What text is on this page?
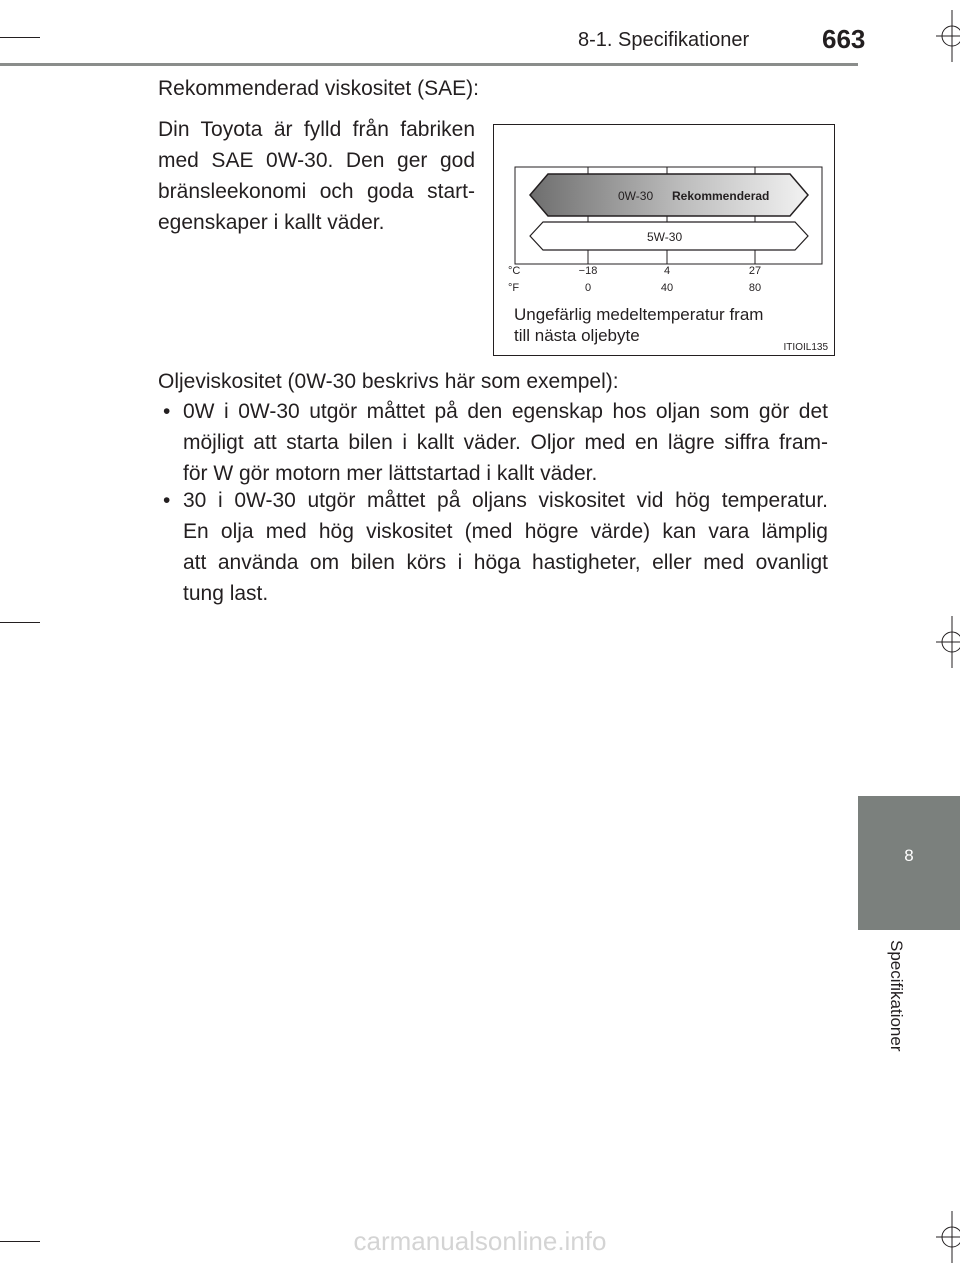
8-1. Specifikationer	663
8
Specifikationer
Rekommenderad viskositet (SAE):
Din Toyota är fylld från fabriken
med SAE 0W-30. Den ger god
bränsleekonomi och goda start-
egenskaper i kallt väder.
0W-30 Rekommenderad
5W-30
°C
°F
−18	4	27
0	40	80
Ungefärlig medeltemperatur fram
till nästa oljebyte
ITIOIL135
Oljeviskositet (0W-30 beskrivs här som exempel):
• 0W i 0W-30 utgör måttet på den egenskap hos oljan som gör det
möjligt att starta bilen i kallt väder. Oljor med en lägre siffra fram-
för W gör motorn mer lättstartad i kallt väder.
• 30 i 0W-30 utgör måttet på oljans viskositet vid hög temperatur.
En olja med hög viskositet (med högre värde) kan vara lämplig
att använda om bilen körs i höga hastigheter, eller med ovanligt
tung last.
carmanualsonline.info
